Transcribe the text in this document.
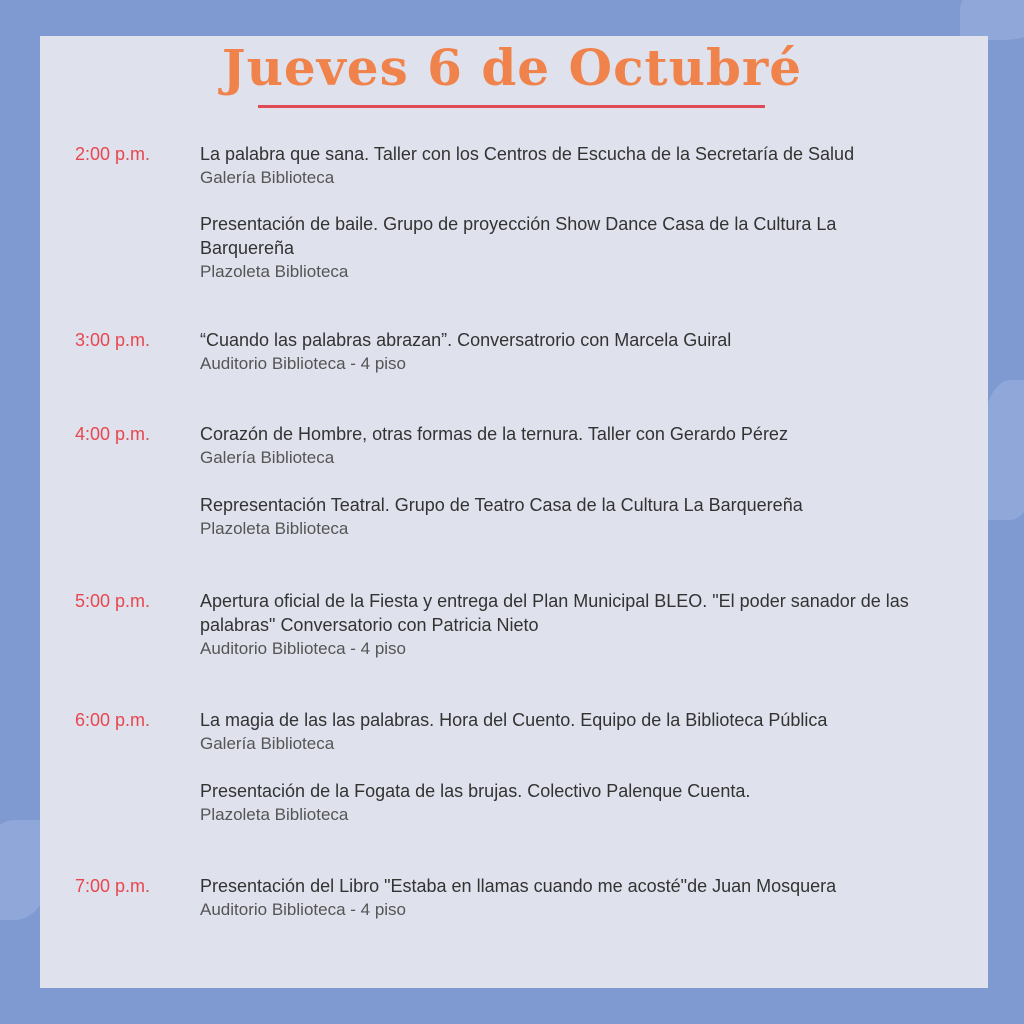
Jueves 6 de Octubré
2:00 p.m.	La palabra que sana. Taller con los Centros de Escucha de la Secretaría de Salud
Galería Biblioteca
Presentación de baile. Grupo de proyección Show Dance Casa de la Cultura La Barquereña
Plazoleta Biblioteca
3:00 p.m.	“Cuando las palabras abrazan”. Conversatrorio con Marcela Guiral
Auditorio Biblioteca - 4 piso
4:00 p.m.	Corazón de Hombre, otras formas de la ternura. Taller con Gerardo Pérez
Galería Biblioteca
Representación Teatral. Grupo de Teatro Casa de la Cultura La Barquereña
Plazoleta Biblioteca
5:00 p.m.	Apertura oficial de la Fiesta y entrega del Plan Municipal BLEO. "El poder sanador de las palabras" Conversatorio con Patricia Nieto
Auditorio Biblioteca - 4 piso
6:00 p.m.	La magia de las las palabras. Hora del Cuento. Equipo de la Biblioteca Pública
Galería Biblioteca
Presentación de la Fogata de las brujas. Colectivo Palenque Cuenta.
Plazoleta Biblioteca
7:00 p.m.	Presentación del Libro "Estaba en llamas cuando me acosté"de Juan Mosquera
Auditorio Biblioteca - 4 piso
